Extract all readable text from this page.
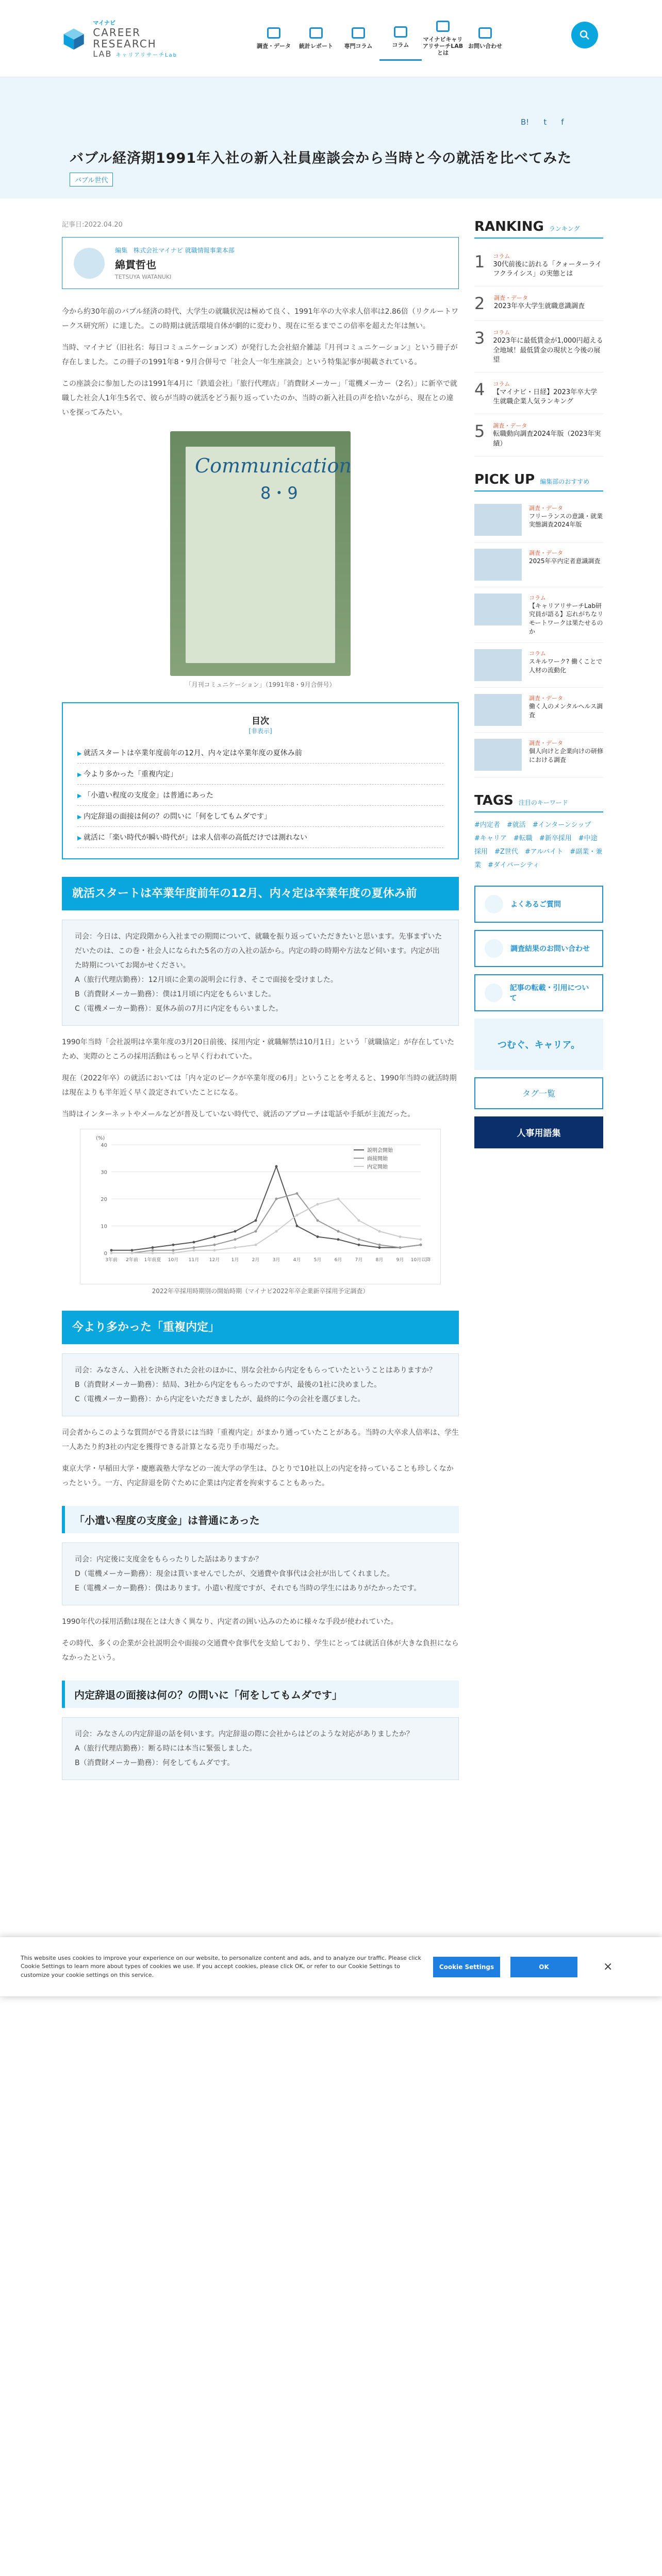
マイナビ
CAREER RESEARCH
LAB キャリアリサーチLab
調査・データ 統計レポート 専門コラム	コラム
マイナビキャリアリサーチLABとは
お問い合わせ
B! t f
バブル経済期1991年入社の新入社員座談会から当時と今の就活を比べてみた
バブル世代
記事日:2022.04.20
編集　株式会社マイナビ 就職情報事業本部
綿貫哲也
TETSUYA WATANUKI

今から約30年前のバブル経済の時代、大学生の就職状況は極めて良く、1991年卒の大卒求人倍率は2.86倍（リクルートワークス研究所）に達した。この時期は就活環境自体が劇的に変わり、現在に至るまでこの倍率を超えた年は無い。

当時、マイナビ（旧社名：毎日コミュニケーションズ）が発行した会社紹介雑誌『月刊コミュニケーション』という冊子が存在しました。この冊子の1991年8・9月合併号で「社会人一年生座談会」という特集記事が掲載されている。

この座談会に参加したのは1991年4月に「鉄道会社」「旅行代理店」「消費財メーカー」「電機メーカー（2名）」に新卒で就職した社会人1年生5名で、彼らが当時の就活をどう振り返っていたのか、当時の新入社員の声を拾いながら、現在との違いを探ってみたい。

Communication
8・9
「月刊コミュニケーション」（1991年8・9月合併号）
目次
[非表示]
▶ 就活スタートは卒業年度前年の12月、内々定は卒業年度の夏休み前
▶ 今より多かった「重複内定」
▶ 「小遣い程度の支度金」は普通にあった
▶ 内定辞退の面接は何の？の問いに「何をしてもムダです」
▶ 就活に「楽い時代が瞬い時代が」は求人倍率の高低だけでは測れない
就活スタートは卒業年度前年の12月、内々定は卒業年度の夏休み前

司会：今日は、内定段階から入社までの期間について、就職を振り返っていただきたいと思います。先事まずいただいたのは、この巻・社会人になられた5名の方の入社の話から。内定の時の時期や方法など伺います。内定が出た時期についてお聞かせください。

A（旅行代理店勤務）：12月頃に企業の説明会に行き、そこで面接を受けました。

B（消費財メーカー勤務）：僕は1月頃に内定をもらいました。

C（電機メーカー勤務）：夏休み前の7月に内定をもらいました。

1990年当時「会社説明は卒業年度の3月20日前後、採用内定・就職解禁は10月1日」という「就職協定」が存在していたため、実際のところの採用活動はもっと早く行われていた。

現在（2022年卒）の就活においては「内々定のピークが卒業年度の6月」ということを考えると、1990年当時の就活時期は現在よりも半年近く早く設定されていたことになる。

当時はインターネットやメールなどが普及していない時代で、就活のアプローチは電話や手紙が主流だった。

0
10
20
30
40
(%)
3年前 2年前 1年前夏 10月 11月 12月 1月	2月	3月	4月	5月	6月	7月	8月	9月 10月以降
説明会開始
面接開始
内定開始
2022年卒採用時期別の開始時期（マイナビ2022年卒企業新卒採用予定調査）
今より多かった「重複内定」

司会：みなさん、入社を決断された会社のほかに、別な会社から内定をもらっていたということはありますか？

B（消費財メーカー勤務）：結局、3社から内定をもらったのですが、最後の1社に決めました。

C（電機メーカー勤務）：から内定をいただきましたが、最終的に今の会社を選びました。

司会者からこのような質問がでる背景には当時「重複内定」がまかり通っていたことがある。当時の大卒求人倍率は、学生一人あたり約3社の内定を獲得できる計算となる売り手市場だった。

東京大学・早稲田大学・慶應義塾大学などの一流大学の学生は、ひとりで10社以上の内定を持っていることも珍しくなかったという。一方、内定辞退を防ぐために企業は内定者を拘束することもあった。

「小遣い程度の支度金」は普通にあった

司会：内定後に支度金をもらったりした話はありますか？

D（電機メーカー勤務）：現金は貰いませんでしたが、交通費や食事代は会社が出してくれました。

E（電機メーカー勤務）：僕はあります。小遣い程度ですが、それでも当時の学生にはありがたかったです。

1990年代の採用活動は現在とは大きく異なり、内定者の囲い込みのために様々な手段が使われていた。

その時代、多くの企業が会社説明会や面接の交通費や食事代を支給しており、学生にとっては就活自体が大きな負担にならなかったという。

内定辞退の面接は何の？の問いに「何をしてもムダです」

司会：みなさんの内定辞退の話を伺います。内定辞退の際に会社からはどのような対応がありましたか？

A（旅行代理店勤務）：断る時には本当に緊張しました。

B（消費財メーカー勤務）：何をしてもムダです。

RANKING ランキング
1 コラム
30代前後に訪れる「クォーターライフクライシス」の実態とは
2 調査・データ
2023年卒大学生就職意識調査
3 コラム
2023年に最低賃金が1,000円超える全地域！最低賃金の現状と今後の展望
4 コラム
【マイナビ・日経】2023年卒大学生就職企業人気ランキング
5 調査・データ
転職動向調査2024年版（2023年実績）
PICK UP 編集部のおすすめ
調査・データ
フリーランスの意識・就業実態調査2024年版
調査・データ
2025年卒内定者意識調査
コラム
【キャリアリサーチLab研究員が語る】忘れがちなリモートワークは果たせるのか
コラム
スキルワーク? 働くことで人材の流動化
調査・データ
働く人のメンタルヘルス調査
調査・データ
個人向けと企業向けの研修における調査
TAGS 注目のキーワード
#内定者　#就活　#インターンシップ　#キャリア　#転職　#新卒採用　#中途採用　#Z世代　#アルバイト　#副業・兼業　#ダイバーシティ　
よくあるご質問
調査結果のお問い合わせ
記事の転載・引用について
つむぐ、キャリア。
タグ一覧
人事用語集
This website uses cookies to improve your experience on our website, to personalize content and ads, and to analyze our traffic. Please click Cookie Settings to learn more about types of cookies we use. If you accept cookies, please click OK, or refer to our Cookie Settings to customize your cookie settings on this service.
Cookie Settings	OK	×
